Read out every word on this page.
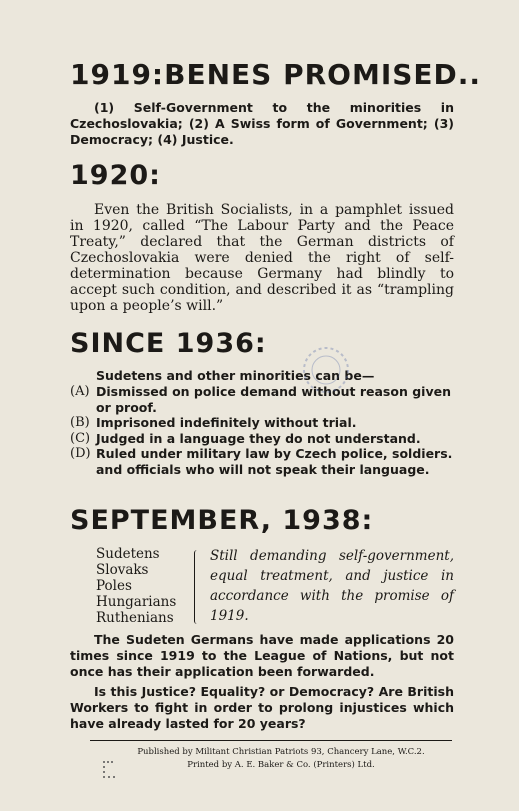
1919:BENES PROMISED..
(1) Self-Government to the minorities in Czechoslovakia; (2) A Swiss form of Government; (3) Democracy; (4) Justice.
1920:
Even the British Socialists, in a pamphlet issued in 1920, called “The Labour Party and the Peace Treaty,” declared that the German districts of Czechoslovakia were denied the right of self-determination because Germany had blindly to accept such condition, and described it as “trampling upon a people’s will.”
SINCE 1936:
Sudetens and other minorities can be—
(A) Dismissed on police demand without reason given or proof.
(B) Imprisoned indefinitely without trial.
(C) Judged in a language they do not understand.
(D) Ruled under military law by Czech police, soldiers. and officials who will not speak their language.
SEPTEMBER, 1938:
Sudetens
Slovaks
Poles
Hungarians
Ruthenians
Still demanding self-government, equal treatment, and justice in accordance with the promise of 1919.
The Sudeten Germans have made applications 20 times since 1919 to the League of Nations, but not once has their application been forwarded.
Is this Justice? Equality? or Democracy? Are British Workers to fight in order to prolong injustices which have already lasted for 20 years?
Published by Militant Christian Patriots 93, Chancery Lane, W.C.2.
Printed by A. E. Baker & Co. (Printers) Ltd.
